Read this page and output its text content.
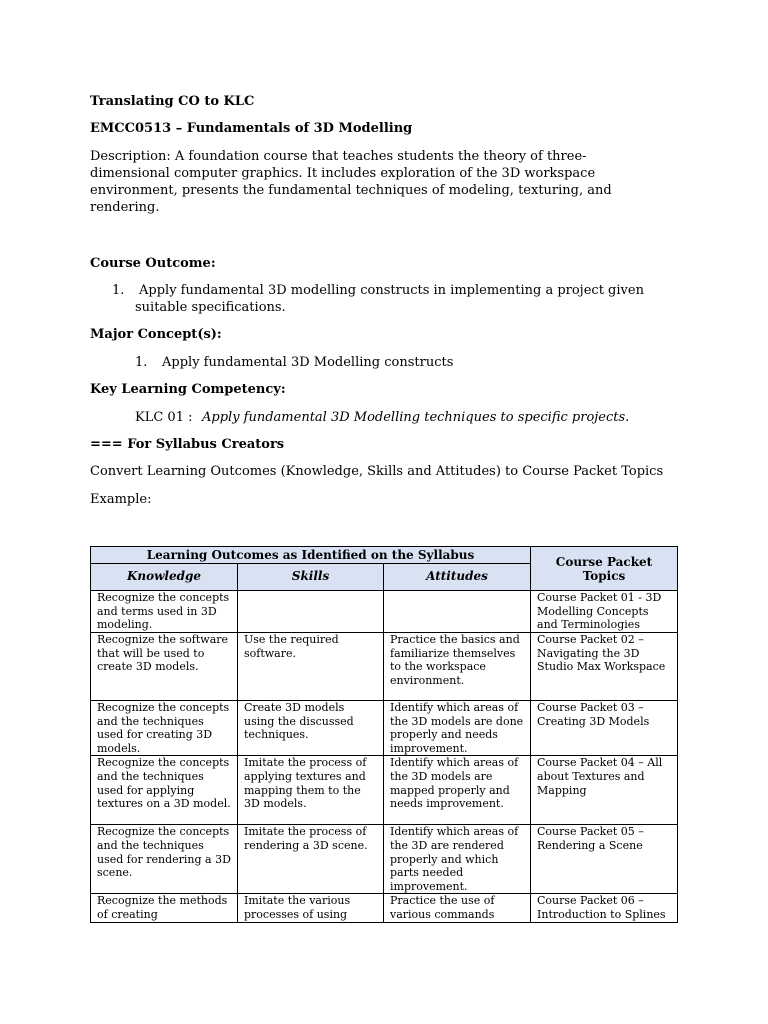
Translating CO to KLC
EMCC0513 – Fundamentals of 3D Modelling
Description: A foundation course that teaches students the theory of three-dimensional computer graphics. It includes exploration of the 3D workspace environment, presents the fundamental techniques of modeling, texturing, and rendering.
Course Outcome:
1. Apply fundamental 3D modelling constructs in implementing a project given
suitable specifications.
Major Concept(s):
1. Apply fundamental 3D Modelling constructs
Key Learning Competency:
KLC 01 : Apply fundamental 3D Modelling techniques to specific projects.
=== For Syllabus Creators
Convert Learning Outcomes (Knowledge, Skills and Attitudes) to Course Packet Topics
Example:
Learning Outcomes as Identified on the Syllabus			Course Packet Topics
Knowledge	Skills	Attitudes	
Recognize the concepts and terms used in 3D modeling.			Course Packet 01 - 3D Modelling Concepts and Terminologies
Recognize the software that will be used to create 3D models.	Use the required software.	Practice the basics and familiarize themselves to the workspace environment.	Course Packet 02 – Navigating the 3D Studio Max Workspace
Recognize the concepts and the techniques used for creating 3D models.	Create 3D models using the discussed techniques.	Identify which areas of the 3D models are done properly and needs improvement.	Course Packet 03 – Creating 3D Models
Recognize the concepts and the techniques used for applying textures on a 3D model.	Imitate the process of applying textures and mapping them to the 3D models.	Identify which areas of the 3D models are mapped properly and needs improvement.	Course Packet 04 – All about Textures and Mapping
Recognize the concepts and the techniques used for rendering a 3D scene.	Imitate the process of rendering a 3D scene.	Identify which areas of the 3D are rendered properly and which parts needed improvement.	Course Packet 05 – Rendering a Scene
Recognize the methods of creating	Imitate the various processes of using	Practice the use of various commands	Course Packet 06 – Introduction to Splines
